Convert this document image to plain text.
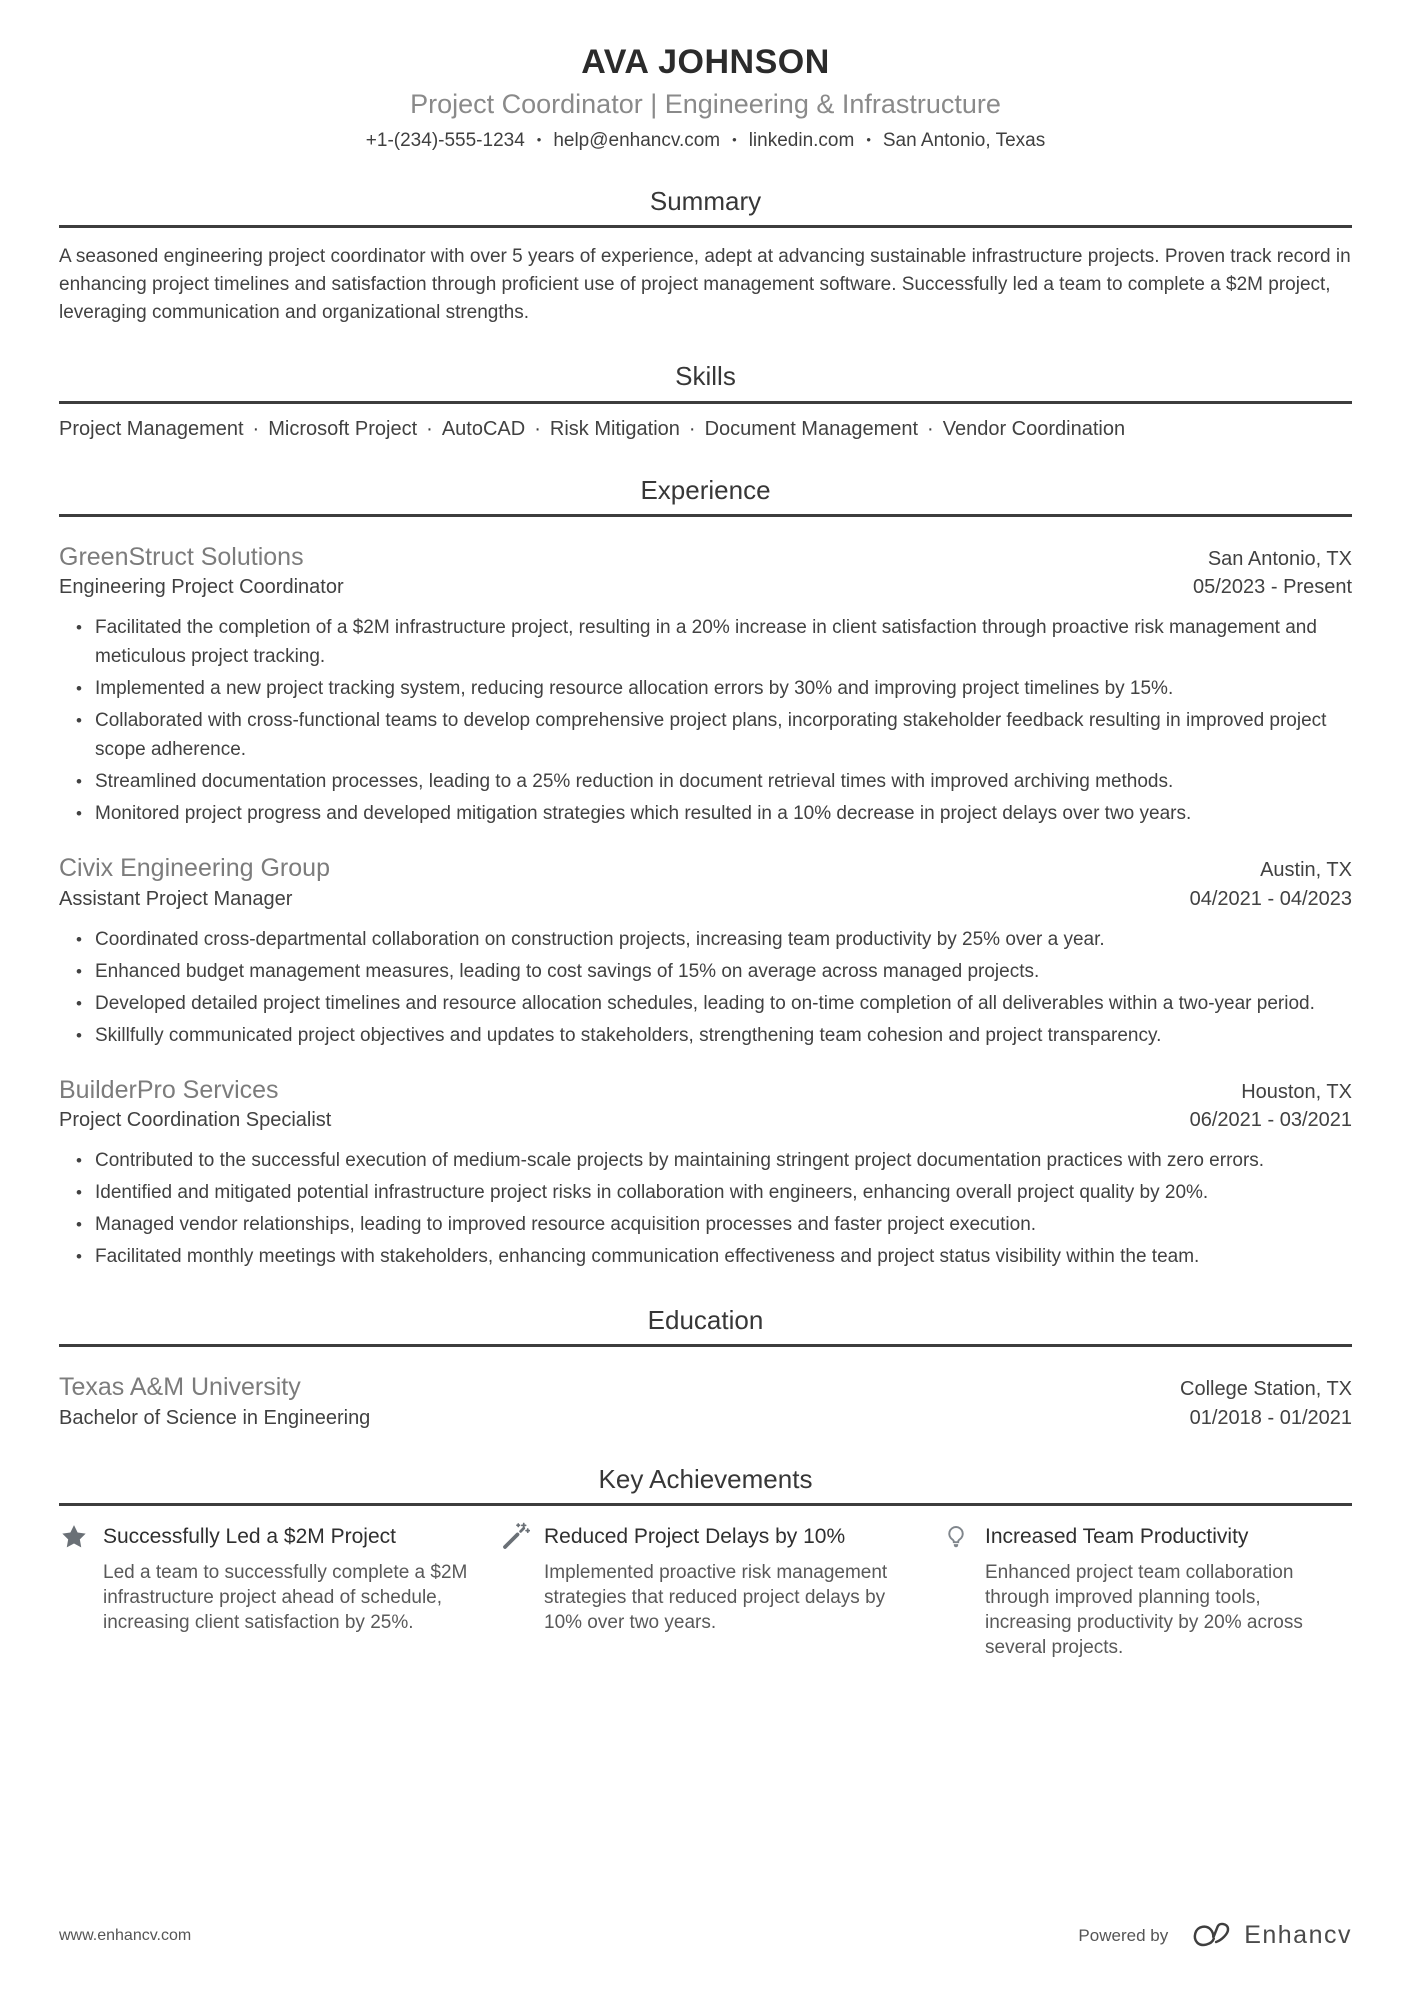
AVA JOHNSON
Project Coordinator | Engineering & Infrastructure
+1-(234)-555-1234 • help@enhancv.com • linkedin.com • San Antonio, Texas
Summary

A seasoned engineering project coordinator with over 5 years of experience, adept at advancing sustainable infrastructure projects. Proven track record in enhancing project timelines and satisfaction through proficient use of project management software. Successfully led a team to complete a $2M project, leveraging communication and organizational strengths.

Skills
Project Management · Microsoft Project · AutoCAD · Risk Mitigation · Document Management · Vendor Coordination
Experience
GreenStruct Solutions	San Antonio, TX
Engineering Project Coordinator	05/2023 - Present
• Facilitated the completion of a $2M infrastructure project, resulting in a 20% increase in client satisfaction through proactive risk management and meticulous project tracking.
• Implemented a new project tracking system, reducing resource allocation errors by 30% and improving project timelines by 15%.
• Collaborated with cross-functional teams to develop comprehensive project plans, incorporating stakeholder feedback resulting in improved project scope adherence.
• Streamlined documentation processes, leading to a 25% reduction in document retrieval times with improved archiving methods.
• Monitored project progress and developed mitigation strategies which resulted in a 10% decrease in project delays over two years.
Civix Engineering Group	Austin, TX
Assistant Project Manager	04/2021 - 04/2023
• Coordinated cross-departmental collaboration on construction projects, increasing team productivity by 25% over a year.
• Enhanced budget management measures, leading to cost savings of 15% on average across managed projects.
• Developed detailed project timelines and resource allocation schedules, leading to on-time completion of all deliverables within a two-year period.
• Skillfully communicated project objectives and updates to stakeholders, strengthening team cohesion and project transparency.
BuilderPro Services	Houston, TX
Project Coordination Specialist	06/2021 - 03/2021
• Contributed to the successful execution of medium-scale projects by maintaining stringent project documentation practices with zero errors.
• Identified and mitigated potential infrastructure project risks in collaboration with engineers, enhancing overall project quality by 20%.
• Managed vendor relationships, leading to improved resource acquisition processes and faster project execution.
• Facilitated monthly meetings with stakeholders, enhancing communication effectiveness and project status visibility within the team.
Education
Texas A&M University	College Station, TX
Bachelor of Science in Engineering	01/2018 - 01/2021
Key Achievements
Successfully Led a $2M Project

Led a team to successfully complete a $2M infrastructure project ahead of schedule, increasing client satisfaction by 25%.

Reduced Project Delays by 10%

Implemented proactive risk management strategies that reduced project delays by 10% over two years.

Increased Team Productivity

Enhanced project team collaboration through improved planning tools, increasing productivity by 20% across several projects.

www.enhancv.com	Powered by	Enhancv
